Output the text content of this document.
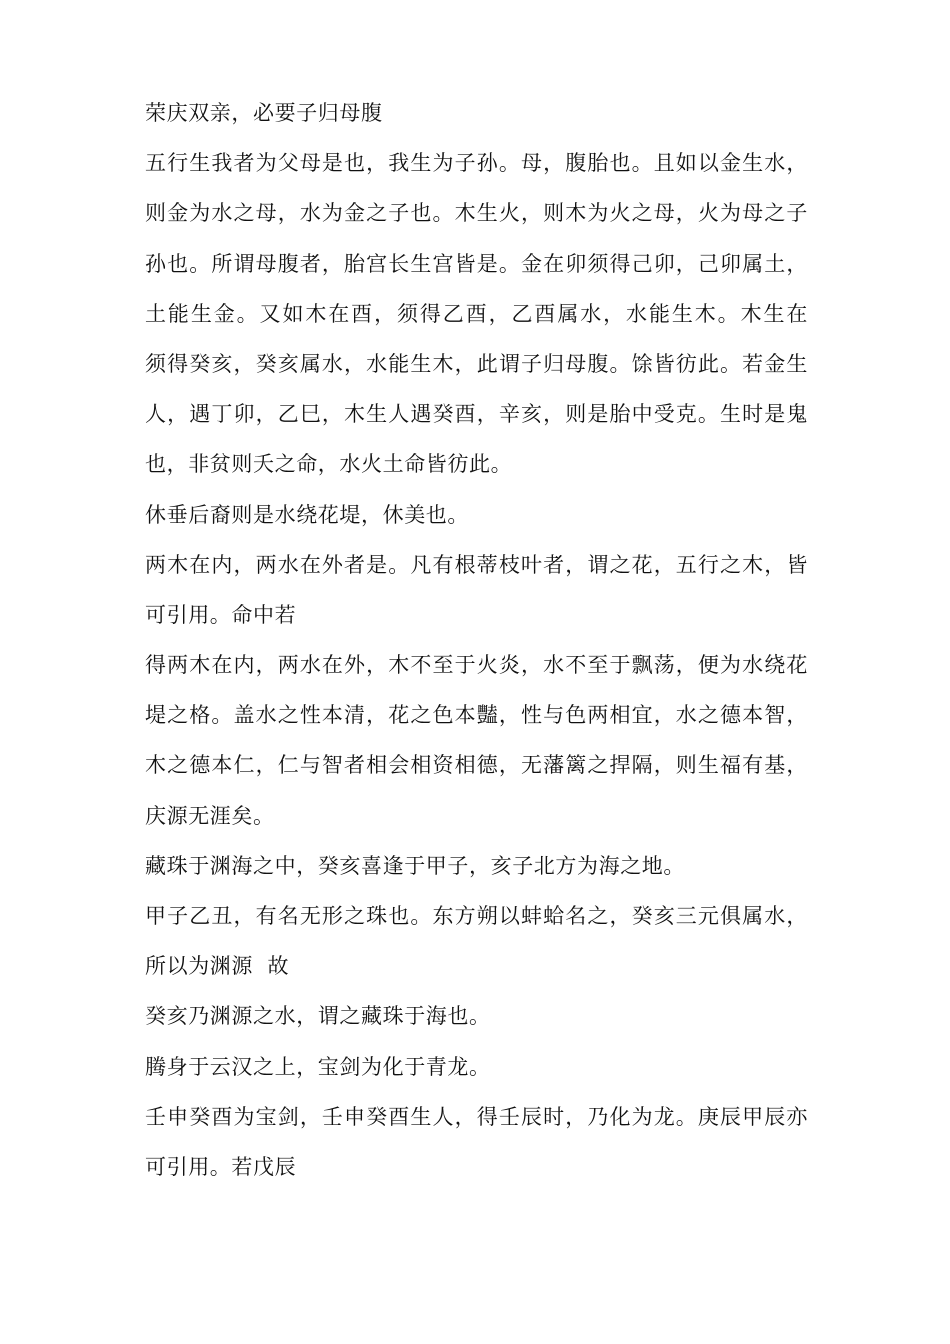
荣庆双亲，必要子归母腹
五行生我者为父母是也，我生为子孙。母，腹胎也。且如以金生水，
则金为水之母，水为金之子也。木生火，则木为火之母，火为母之子
孙也。所谓母腹者，胎宫长生宫皆是。金在卯须得己卯，己卯属土，
土能生金。又如木在酉，须得乙酉，乙酉属水，水能生木。木生在
须得癸亥，癸亥属水，水能生木，此谓子归母腹。馀皆彷此。若金生
人，遇丁卯，乙巳，木生人遇癸酉，辛亥，则是胎中受克。生时是鬼
也，非贫则夭之命，水火土命皆彷此。
休垂后裔则是水绕花堤，休美也。
两木在内，两水在外者是。凡有根蒂枝叶者，谓之花，五行之木，皆
可引用。命中若
得两木在内，两水在外，木不至于火炎，水不至于飘荡，便为水绕花
堤之格。盖水之性本清，花之色本豔，性与色两相宜，水之德本智，
木之德本仁，仁与智者相会相资相德，无藩篱之捍隔，则生福有基，
庆源无涯矣。
藏珠于渊海之中，癸亥喜逢于甲子，亥子北方为海之地。
甲子乙丑，有名无形之珠也。东方朔以蚌蛤名之，癸亥三元俱属水，
所以为渊源  故
癸亥乃渊源之水，谓之藏珠于海也。
腾身于云汉之上，宝剑为化于青龙。
壬申癸酉为宝剑，壬申癸酉生人，得壬辰时，乃化为龙。庚辰甲辰亦
可引用。若戊辰
